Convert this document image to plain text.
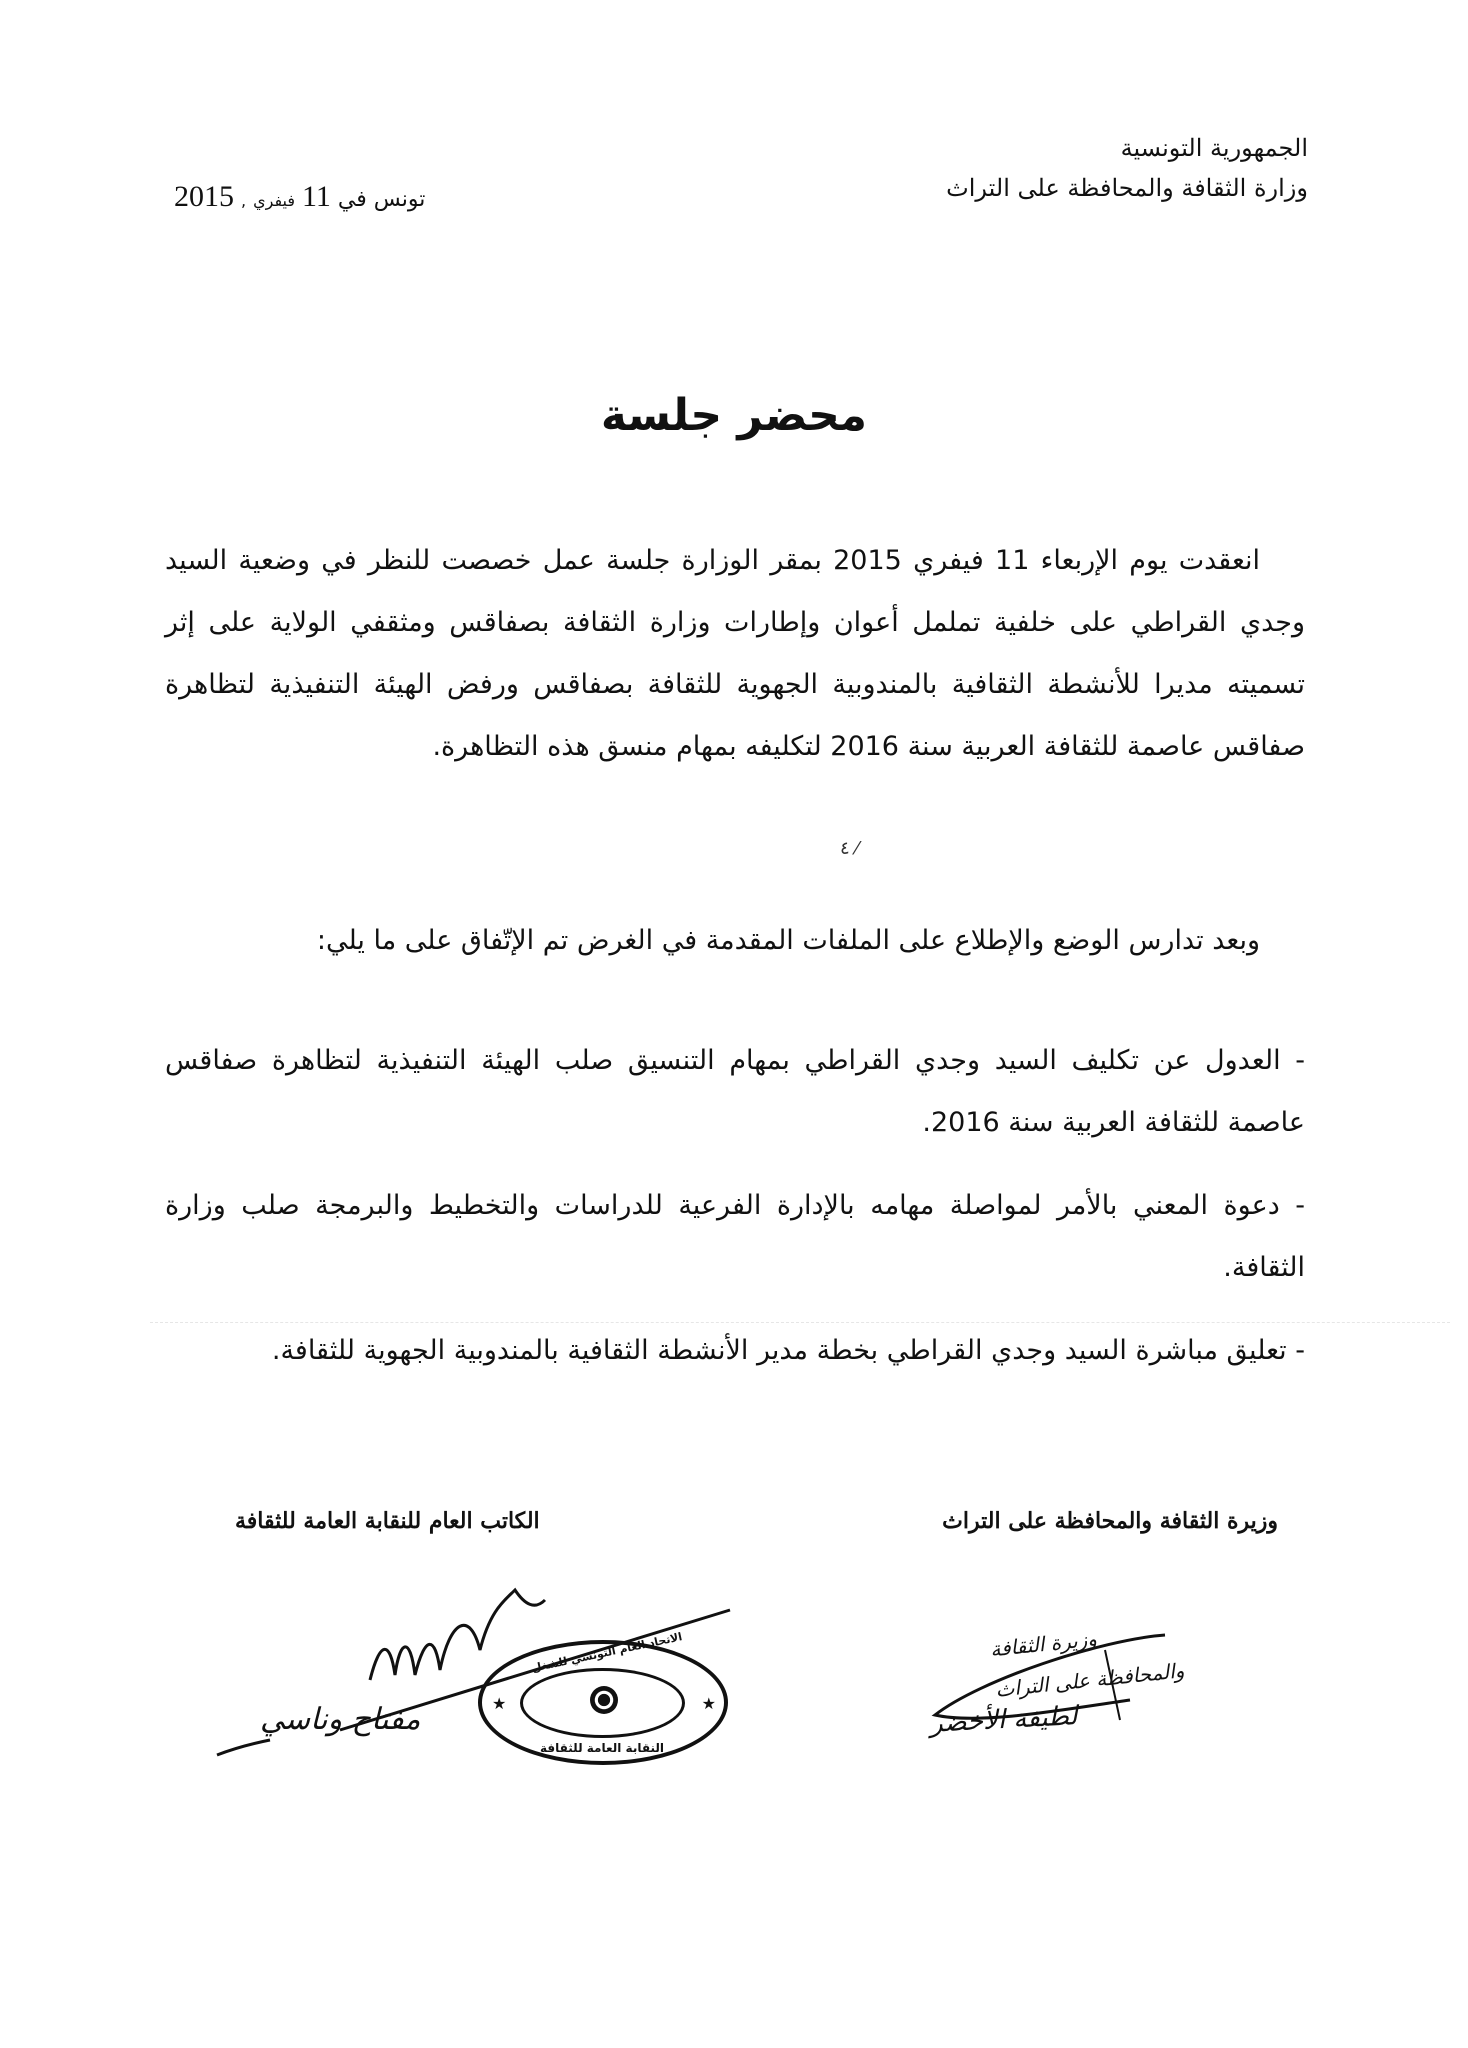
الجمهورية التونسية
وزارة الثقافة والمحافظة على التراث
تونس في 11 فيفري , 2015
محضر جلسة
انعقدت يوم الإربعاء 11 فيفري 2015 بمقر الوزارة جلسة عمل خصصت للنظر في وضعية السيد وجدي القراطي على خلفية تململ أعوان وإطارات وزارة الثقافة بصفاقس ومثقفي الولاية على إثر تسميته مديرا للأنشطة الثقافية بالمندوبية الجهوية للثقافة بصفاقس ورفض الهيئة التنفيذية لتظاهرة صفاقس عاصمة للثقافة العربية سنة 2016 لتكليفه بمهام منسق هذه التظاهرة.
٤ ⁄
وبعد تدارس الوضع والإطلاع على الملفات المقدمة في الغرض تم الإتّفاق على ما يلي:
- العدول عن تكليف السيد وجدي القراطي بمهام التنسيق صلب الهيئة التنفيذية لتظاهرة صفاقس عاصمة للثقافة العربية سنة 2016.
- دعوة المعني بالأمر لمواصلة مهامه بالإدارة الفرعية للدراسات والتخطيط والبرمجة صلب وزارة الثقافة.
- تعليق مباشرة السيد وجدي القراطي بخطة مدير الأنشطة الثقافية بالمندوبية الجهوية للثقافة.
وزيرة الثقافة والمحافظة على التراث
الكاتب العام للنقابة العامة للثقافة
الاتحاد العام التونسي للشغل
★	★
النقابة العامة للثقافة
مفتاح وناسي
وزيرة الثقافة
والمحافظة على التراث
لطيفة الأخضر
